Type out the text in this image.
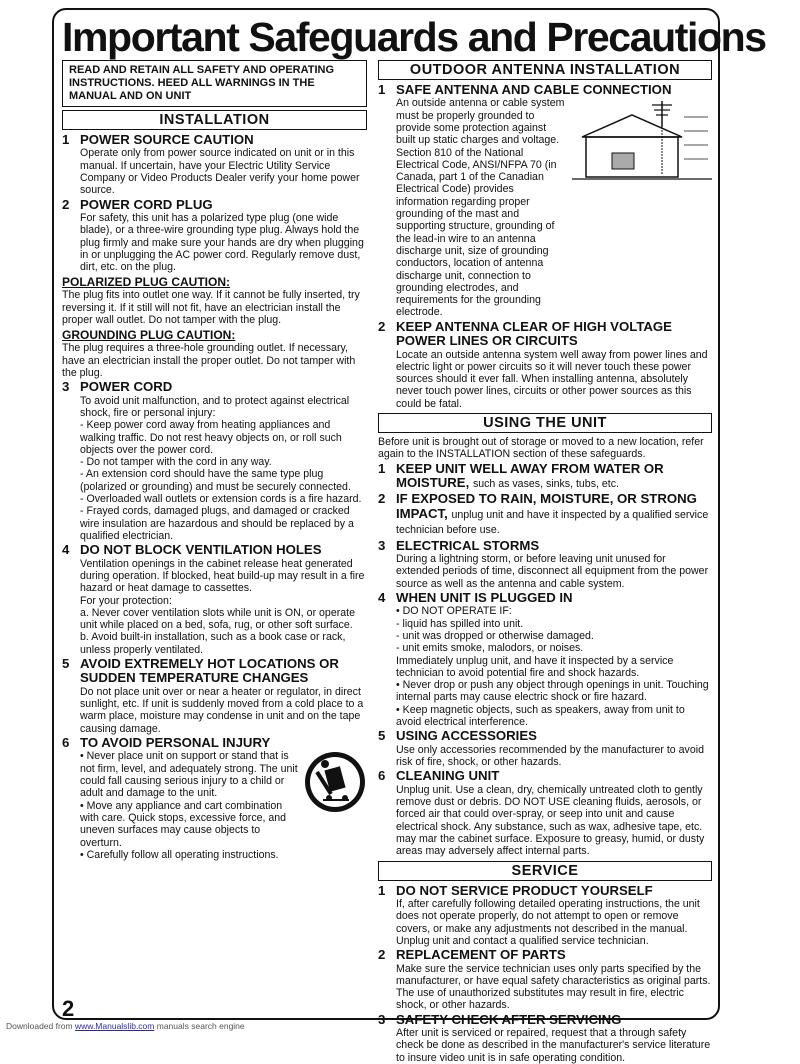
Important Safeguards and Precautions
READ AND RETAIN ALL SAFETY AND OPERATING INSTRUCTIONS. HEED ALL WARNINGS IN THE MANUAL AND ON UNIT
INSTALLATION
1 POWER SOURCE CAUTION

Operate only from power source indicated on unit or in this manual. If uncertain, have your Electric Utility Service Company or Video Products Dealer verify your home power source.

2 POWER CORD PLUG

For safety, this unit has a polarized type plug (one wide blade), or a three-wire grounding type plug. Always hold the plug firmly and make sure your hands are dry when plugging in or unplugging the AC power cord. Regularly remove dust, dirt, etc. on the plug.

POLARIZED PLUG CAUTION:

The plug fits into outlet one way. If it cannot be fully inserted, try reversing it. If it still will not fit, have an electrician install the proper wall outlet. Do not tamper with the plug.

GROUNDING PLUG CAUTION:

The plug requires a three-hole grounding outlet. If necessary, have an electrician install the proper outlet. Do not tamper with the plug.

3 POWER CORD

To avoid unit malfunction, and to protect against electrical shock, fire or personal injury:

- Keep power cord away from heating appliances and walking traffic. Do not rest heavy objects on, or roll such objects over the power cord.
- Do not tamper with the cord in any way.
- An extension cord should have the same type plug (polarized or grounding) and must be securely connected.
- Overloaded wall outlets or extension cords is a fire hazard.
- Frayed cords, damaged plugs, and damaged or cracked wire insulation are hazardous and should be replaced by a qualified electrician.
4 DO NOT BLOCK VENTILATION HOLES

Ventilation openings in the cabinet release heat generated during operation. If blocked, heat build-up may result in a fire hazard or heat damage to cassettes.

For your protection:

a. Never cover ventilation slots while unit is ON, or operate unit while placed on a bed, sofa, rug, or other soft surface.
b. Avoid built-in installation, such as a book case or rack, unless properly ventilated.
5 AVOID EXTREMELY HOT LOCATIONS OR SUDDEN TEMPERATURE CHANGES

Do not place unit over or near a heater or regulator, in direct sunlight, etc. If unit is suddenly moved from a cold place to a warm place, moisture may condense in unit and on the tape causing damage.

6 TO AVOID PERSONAL INJURY
• Never place unit on support or stand that is not firm, level, and adequately strong. The unit could fall causing serious injury to a child or adult and damage to the unit.
• Move any appliance and cart combination with care. Quick stops, excessive force, and uneven surfaces may cause objects to overturn.
• Carefully follow all operating instructions.
OUTDOOR ANTENNA INSTALLATION
1 SAFE ANTENNA AND CABLE CONNECTION

An outside antenna or cable system must be properly grounded to provide some protection against built up static charges and voltage. Section 810 of the National Electrical Code, ANSI/NFPA 70 (in Canada, part 1 of the Canadian Electrical Code) provides information regarding proper grounding of the mast and supporting structure, grounding of the lead-in wire to an antenna discharge unit, size of grounding conductors, location of antenna discharge unit, connection to grounding electrodes, and requirements for the grounding electrode.

2 KEEP ANTENNA CLEAR OF HIGH VOLTAGE POWER LINES OR CIRCUITS

Locate an outside antenna system well away from power lines and electric light or power circuits so it will never touch these power sources should it ever fall. When installing antenna, absolutely never touch power lines, circuits or other power sources as this could be fatal.

USING THE UNIT

Before unit is brought out of storage or moved to a new location, refer again to the INSTALLATION section of these safeguards.

1 KEEP UNIT WELL AWAY FROM WATER OR MOISTURE, such as vases, sinks, tubs, etc.
2 IF EXPOSED TO RAIN, MOISTURE, OR STRONG IMPACT, unplug unit and have it inspected by a qualified service technician before use.
3 ELECTRICAL STORMS

During a lightning storm, or before leaving unit unused for extended periods of time, disconnect all equipment from the power source as well as the antenna and cable system.

4 WHEN UNIT IS PLUGGED IN
• DO NOT OPERATE IF:
- liquid has spilled into unit.
- unit was dropped or otherwise damaged.
- unit emits smoke, malodors, or noises.

Immediately unplug unit, and have it inspected by a service technician to avoid potential fire and shock hazards.

• Never drop or push any object through openings in unit. Touching internal parts may cause electric shock or fire hazard.
• Keep magnetic objects, such as speakers, away from unit to avoid electrical interference.
5 USING ACCESSORIES

Use only accessories recommended by the manufacturer to avoid risk of fire, shock, or other hazards.

6 CLEANING UNIT

Unplug unit. Use a clean, dry, chemically untreated cloth to gently remove dust or debris. DO NOT USE cleaning fluids, aerosols, or forced air that could over-spray, or seep into unit and cause electrical shock. Any substance, such as wax, adhesive tape, etc. may mar the cabinet surface. Exposure to greasy, humid, or dusty areas may adversely affect internal parts.

SERVICE
1 DO NOT SERVICE PRODUCT YOURSELF

If, after carefully following detailed operating instructions, the unit does not operate properly, do not attempt to open or remove covers, or make any adjustments not described in the manual. Unplug unit and contact a qualified service technician.

2 REPLACEMENT OF PARTS

Make sure the service technician uses only parts specified by the manufacturer, or have equal safety characteristics as original parts. The use of unauthorized substitutes may result in fire, electric shock, or other hazards.

3 SAFETY CHECK AFTER SERVICING

After unit is serviced or repaired, request that a through safety check be done as described in the manufacturer's service literature to insure video unit is in safe operating condition.

2
Downloaded from www.Manualslib.com manuals search engine
